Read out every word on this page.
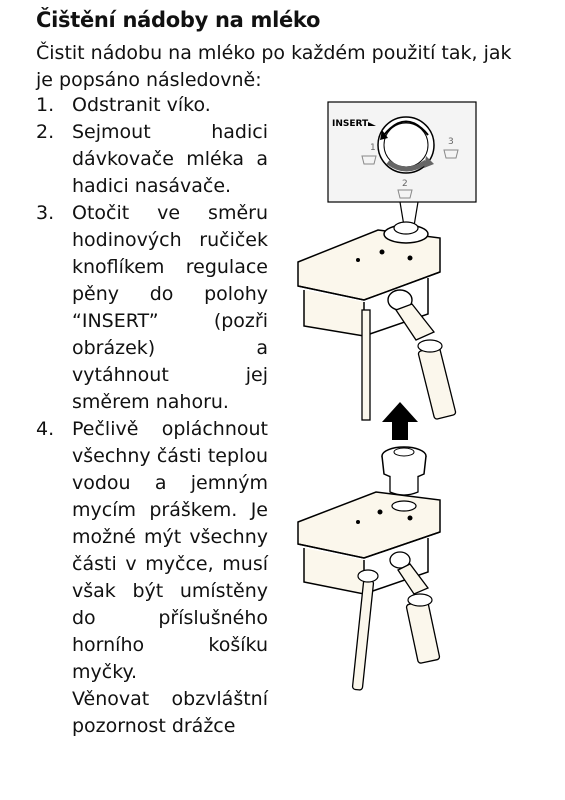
Čištění nádoby na mléko

Čistit nádobu na mléko po každém použití tak, jak je popsáno následovně:

1. Odstranit víko.
2. Sejmout hadici dávkovače mléka a hadici nasávače.
3. Otočit ve směru hodinových ručiček knoflíkem regulace pěny do polohy “INSERT” (pozři obrázek) a vytáhnout jej směrem nahoru.
4. Pečlivě opláchnout všechny části teplou vodou a jemným mycím práškem. Je možné mýt všechny části v myčce, musí však být umístěny do příslušného horního košíku myčky.
Věnovat obzvláštní pozornost drážce
INSERT
1
2
3
